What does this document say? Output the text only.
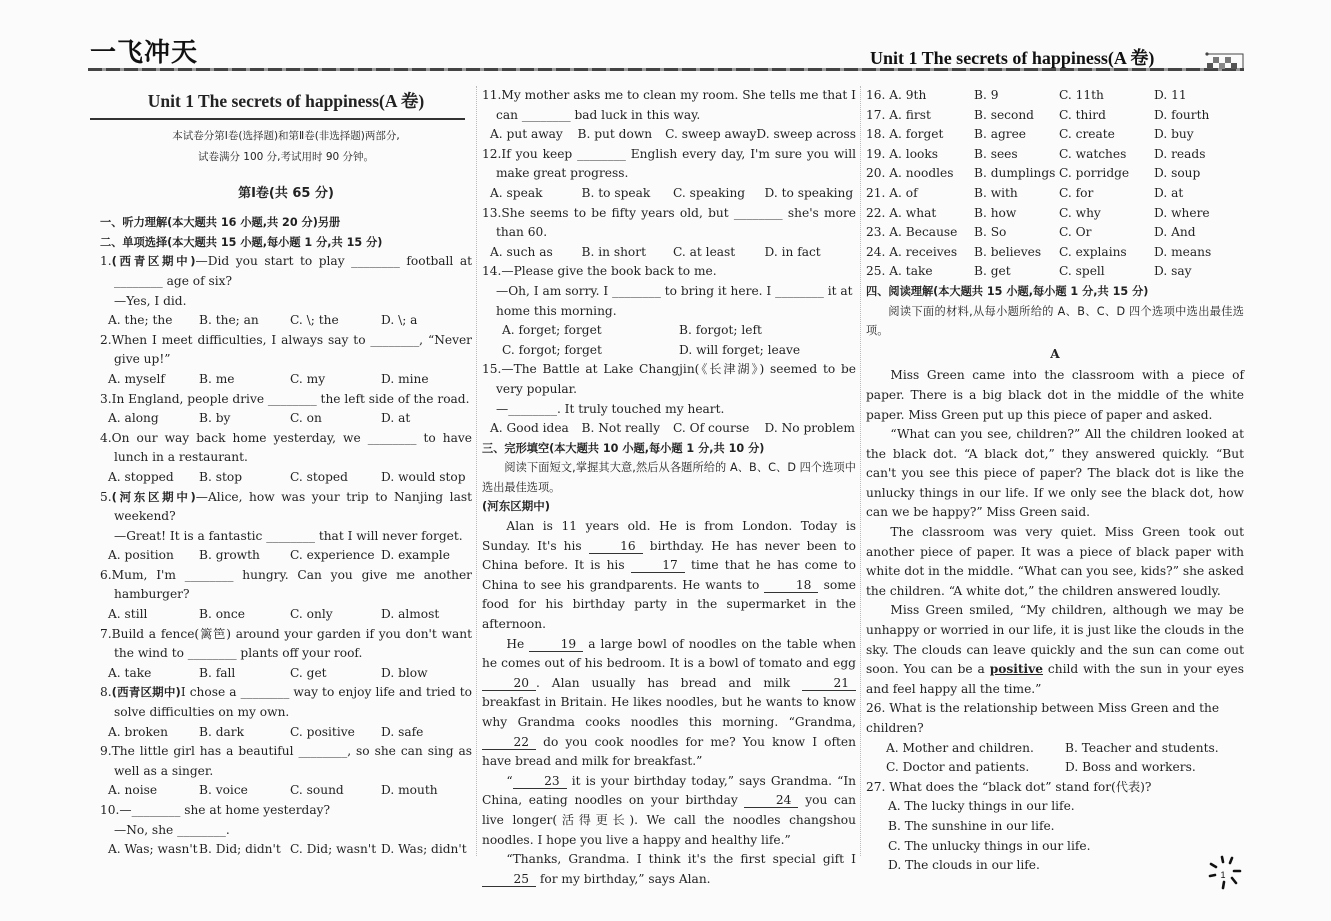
一飞冲天	Unit 1 The secrets of happiness(A 卷)
Unit 1 The secrets of happiness(A 卷)
本试卷分第Ⅰ卷(选择题)和第Ⅱ卷(非选择题)两部分,
试卷满分 100 分,考试用时 90 分钟。
第Ⅰ卷(共 65 分)
一、听力理解(本大题共 16 小题,共 20 分)另册
二、单项选择(本大题共 15 小题,每小题 1 分,共 15 分)
1.(西青区期中)—Did you start to play ________ football at ________ age of six?
—Yes, I did.
A. the; the	B. the; an	C. \; the	D. \; a
2.When I meet difficulties, I always say to ________, “Never give up!”
A. myself	B. me	C. my	D. mine
3.In England, people drive ________ the left side of the road.
A. along	B. by	C. on	D. at
4.On our way back home yesterday, we ________ to have lunch in a restaurant.
A. stopped	B. stop	C. stoped	D. would stop
5.(河东区期中)—Alice, how was your trip to Nanjing last weekend?
—Great! It is a fantastic ________ that I will never forget.
A. position	B. growth	C. experience D. example
6.Mum, I'm ________ hungry. Can you give me another hamburger?
A. still	B. once	C. only	D. almost
7.Build a fence(篱笆) around your garden if you don't want the wind to ________ plants off your roof.
A. take	B. fall	C. get	D. blow
8.(西青区期中)I chose a ________ way to enjoy life and tried to solve difficulties on my own.
A. broken	B. dark	C. positive	D. safe
9.The little girl has a beautiful ________, so she can sing as well as a singer.
A. noise	B. voice	C. sound	D. mouth
10.—________ she at home yesterday?
—No, she ________.
A. Was; wasn't B. Did; didn't C. Did; wasn't D. Was; didn't
11.My mother asks me to clean my room. She tells me that I can ________ bad luck in this way.
A. put away	B. put down	C. sweep away D. sweep across
12.If you keep ________ English every day, I'm sure you will make great progress.
A. speak	B. to speak	C. speaking	D. to speaking
13.She seems to be fifty years old, but ________ she's more than 60.
A. such as	B. in short	C. at least	D. in fact
14.—Please give the book back to me.
—Oh, I am sorry. I ________ to bring it here. I ________ it at home this morning.
A. forget; forget	B. forgot; left
C. forgot; forget	D. will forget; leave
15.—The Battle at Lake Changjin(《长津湖》) seemed to be very popular.
—________. It truly touched my heart.
A. Good idea	B. Not really	C. Of course	D. No problem
三、完形填空(本大题共 10 小题,每小题 1 分,共 10 分)
阅读下面短文,掌握其大意,然后从各题所给的 A、B、C、D 四个选项中选出最佳选项。
(河东区期中)
Alan is 11 years old. He is from London. Today is Sunday. It's his	16 birthday. He has never been to China before. It is his	17 time that he has come to China to see his grandparents. He wants to	18 some food for his birthday party in the supermarket in the afternoon.
He	19 a large bowl of noodles on the table when he comes out of his bedroom. It is a bowl of tomato and egg 20 . Alan usually has bread and milk	21 breakfast in Britain. He likes noodles, but he wants to know why Grandma cooks noodles this morning. “Grandma, 22 do you cook noodles for me? You know I often have bread and milk for breakfast.”
“	23 it is your birthday today,” says Grandma. “In China, eating noodles on your birthday	24 you can live longer(活得更长). We call the noodles changshou noodles. I hope you live a happy and healthy life.”
“Thanks, Grandma. I think it's the first special gift I 25 for my birthday,” says Alan.
16. A. 9th	B. 9	C. 11th	D. 11
17. A. first	B. second	C. third	D. fourth
18. A. forget	B. agree	C. create	D. buy
19. A. looks	B. sees	C. watches	D. reads
20. A. noodles	B. dumplings C. porridge	D. soup
21. A. of	B. with	C. for	D. at
22. A. what	B. how	C. why	D. where
23. A. Because	B. So	C. Or	D. And
24. A. receives	B. believes	C. explains	D. means
25. A. take	B. get	C. spell	D. say
四、阅读理解(本大题共 15 小题,每小题 1 分,共 15 分)
阅读下面的材料,从每小题所给的 A、B、C、D 四个选项中选出最佳选项。
A
Miss Green came into the classroom with a piece of paper. There is a big black dot in the middle of the white paper. Miss Green put up this piece of paper and asked.
“What can you see, children?” All the children looked at the black dot. “A black dot,” they answered quickly. “But can't you see this piece of paper? The black dot is like the unlucky things in our life. If we only see the black dot, how can we be happy?” Miss Green said.
The classroom was very quiet. Miss Green took out another piece of paper. It was a piece of black paper with white dot in the middle. “What can you see, kids?” she asked the children. “A white dot,” the children answered loudly.
Miss Green smiled, “My children, although we may be unhappy or worried in our life, it is just like the clouds in the sky. The clouds can leave quickly and the sun can come out soon. You can be a positive child with the sun in your eyes and feel happy all the time.”
26. What is the relationship between Miss Green and the children?
A. Mother and children.	B. Teacher and students.
C. Doctor and patients.	D. Boss and workers.
27. What does the “black dot” stand for(代表)?
A. The lucky things in our life.
B. The sunshine in our life.
C. The unlucky things in our life.
D. The clouds in our life.
1
